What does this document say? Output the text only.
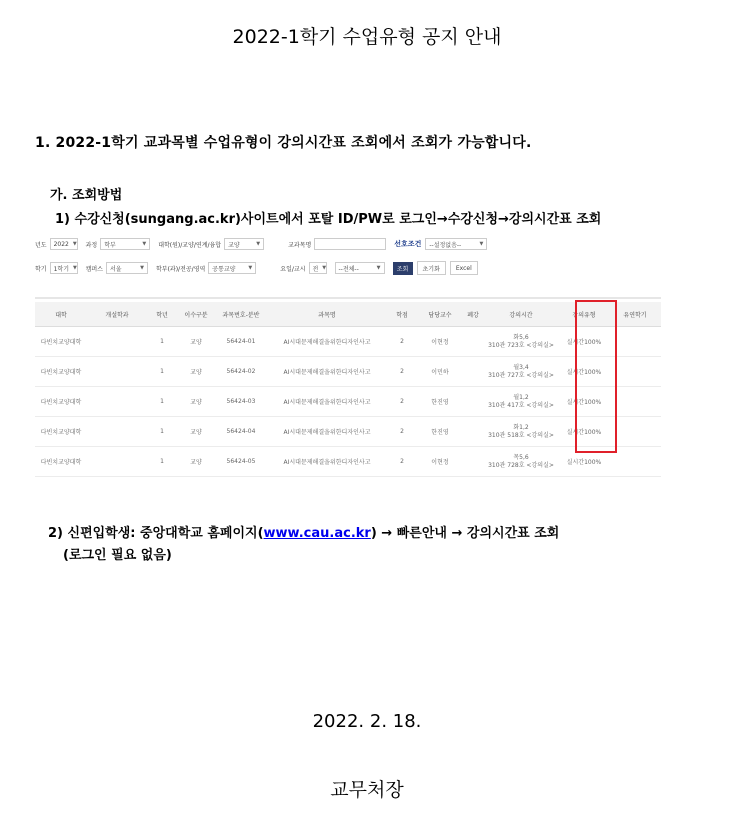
2022-1학기 수업유형 공지 안내
1. 2022-1학기 교과목별 수업유형이 강의시간표 조회에서 조회가 가능합니다.
가. 조회방법
1) 수강신청(sungang.ac.kr)사이트에서 포탈 ID/PW로 로그인→수강신청→강의시간표 조회
년도 2022 ▼ 과정 학부	▼ 대학(원)/교양/연계/융합 교양	▼	교과목명	선호조건 --설정없음--	▼
학기 1학기 ▼ 캠퍼스 서울	▼ 학부(과)/전공/영역 공통교양	▼	요일/교시 전 ▼ --전체--	▼	조회	초기화	Excel
대학	개설학과	학년	이수구분	과목번호-분반	과목명	학점	담당교수	폐강	강의시간	강의유형	유연학기
다빈치교양대학		1	교양	56424-01	AI시대문제해결을위한디자인사고	2	이현정		화5,6
310관 723호 <강의실>	실시간100%	
다빈치교양대학		1	교양	56424-02	AI시대문제해결을위한디자인사고	2	이민하		월3,4
310관 727호 <강의실>	실시간100%	
다빈치교양대학		1	교양	56424-03	AI시대문제해결을위한디자인사고	2	한진영		월1,2
310관 417호 <강의실>	실시간100%	
다빈치교양대학		1	교양	56424-04	AI시대문제해결을위한디자인사고	2	한진영		화1,2
310관 518호 <강의실>	실시간100%	
다빈치교양대학		1	교양	56424-05	AI시대문제해결을위한디자인사고	2	이현정		목5,6
310관 728호 <강의실>	실시간100%	
2) 신편입학생: 중앙대학교 홈페이지(www.cau.ac.kr) → 빠른안내 → 강의시간표 조회
(로그인 필요 없음)
2022. 2. 18.
교무처장
